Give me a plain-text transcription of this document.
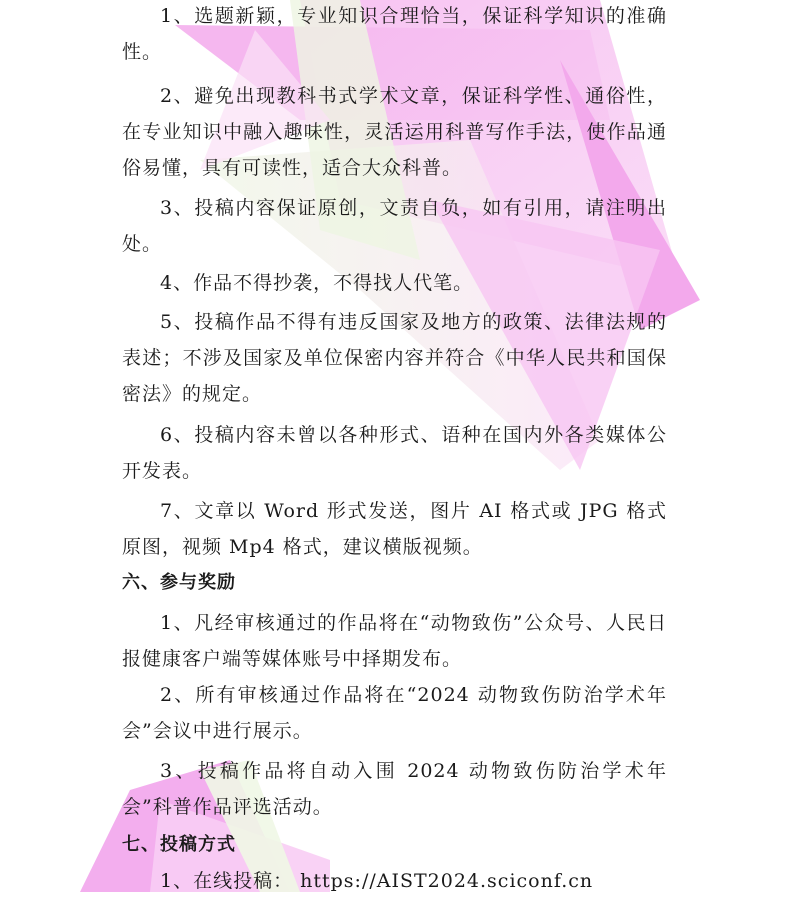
1、选题新颖，专业知识合理恰当，保证科学知识的准确性。

2、避免出现教科书式学术文章，保证科学性、通俗性，在专业知识中融入趣味性，灵活运用科普写作手法，使作品通俗易懂，具有可读性，适合大众科普。

3、投稿内容保证原创，文责自负，如有引用，请注明出处。

4、作品不得抄袭，不得找人代笔。

5、投稿作品不得有违反国家及地方的政策、法律法规的表述；不涉及国家及单位保密内容并符合《中华人民共和国保密法》的规定。

6、投稿内容未曾以各种形式、语种在国内外各类媒体公开发表。

7、文章以 Word 形式发送，图片 AI 格式或 JPG 格式原图，视频 Mp4 格式，建议横版视频。

六、参与奖励

1、凡经审核通过的作品将在“动物致伤”公众号、人民日报健康客户端等媒体账号中择期发布。

2、所有审核通过作品将在“2024 动物致伤防治学术年会”会议中进行展示。

3、投稿作品将自动入围 2024 动物致伤防治学术年会”科普作品评选活动。

七、投稿方式

1、在线投稿： https://AIST2024.sciconf.cn
